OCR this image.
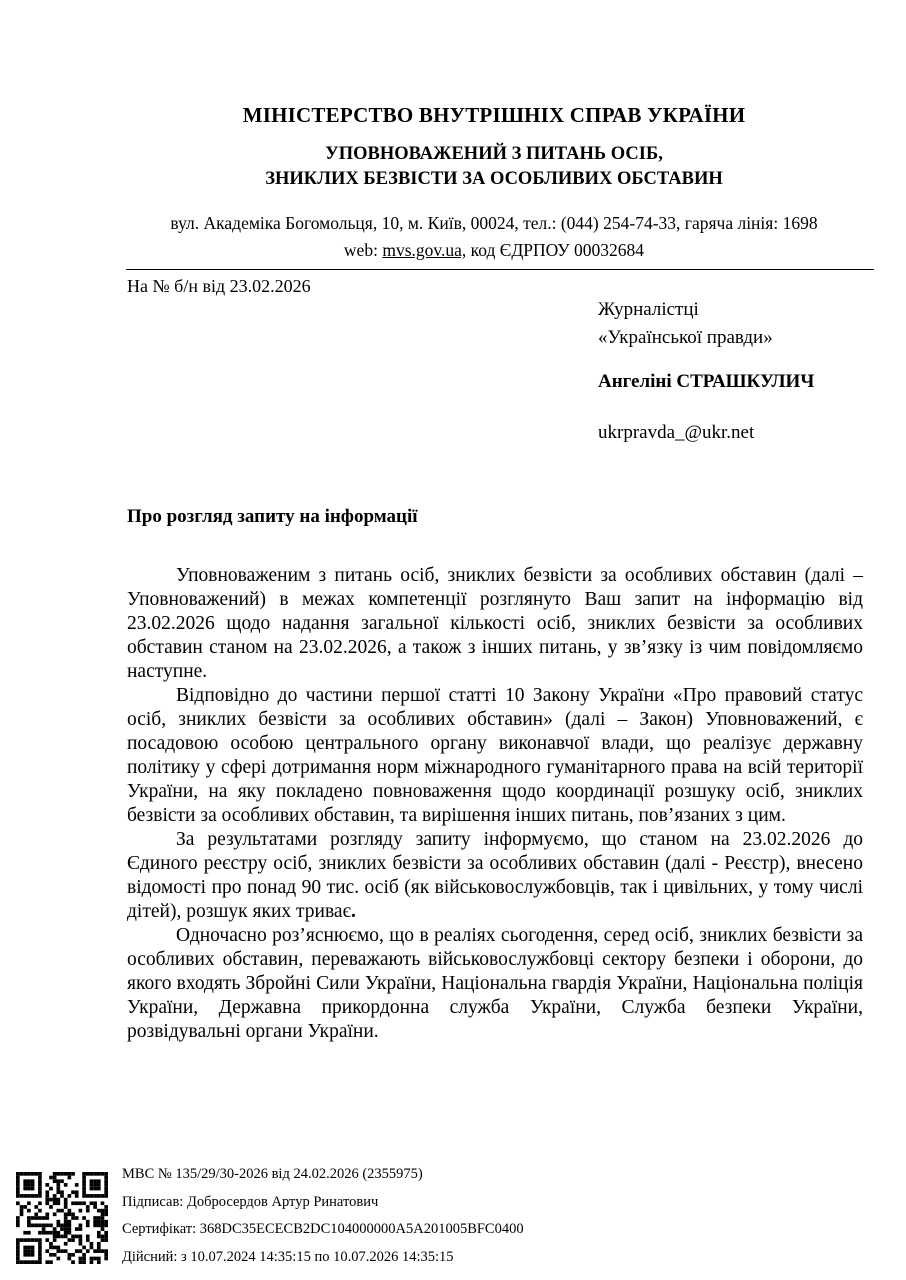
МІНІСТЕРСТВО ВНУТРІШНІХ СПРАВ УКРАЇНИ
УПОВНОВАЖЕНИЙ З ПИТАНЬ ОСІБ,
ЗНИКЛИХ БЕЗВІСТИ ЗА ОСОБЛИВИХ ОБСТАВИН
вул. Академіка Богомольця, 10, м. Київ, 00024, тел.: (044) 254-74-33, гаряча лінія: 1698
web: mvs.gov.ua, код ЄДРПОУ 00032684
На № б/н від 23.02.2026
Журналістці
«Української правди»
Ангеліні СТРАШКУЛИЧ
ukrpravda_@ukr.net
Про розгляд запиту на інформації

Уповноваженим з питань осіб, зниклих безвісти за особливих обставин (далі – Уповноважений) в межах компетенції розглянуто Ваш запит на інформацію від 23.02.2026 щодо надання загальної кількості осіб, зниклих безвісти за особливих обставин станом на 23.02.2026, а також з інших питань, у зв’язку із чим повідомляємо наступне.

Відповідно до частини першої статті 10 Закону України «Про правовий статус осіб, зниклих безвісти за особливих обставин» (далі – Закон) Уповноважений, є посадовою особою центрального органу виконавчої влади, що реалізує державну політику у сфері дотримання норм міжнародного гуманітарного права на всій території України, на яку покладено повноваження щодо координації розшуку осіб, зниклих безвісти за особливих обставин, та вирішення інших питань, пов’язаних з цим.

За результатами розгляду запиту інформуємо, що станом на 23.02.2026 до Єдиного реєстру осіб, зниклих безвісти за особливих обставин (далі - Реєстр), внесено відомості про понад 90 тис. осіб (як військовослужбовців, так і цивільних, у тому числі дітей), розшук яких триває.

Одночасно роз’яснюємо, що в реаліях сьогодення, серед осіб, зниклих безвісти за особливих обставин, переважають військовослужбовці сектору безпеки і оборони, до якого входять Збройні Сили України, Національна гвардія України, Національна поліція України, Державна прикордонна служба України, Служба безпеки України, розвідувальні органи України.

МВС № 135/29/30-2026 від 24.02.2026 (2355975)
Підписав: Добросердов Артур Ринатович
Сертифікат: 368DC35ECECB2DC104000000A5A201005BFC0400
Дійсний: з 10.07.2024 14:35:15 по 10.07.2026 14:35:15
